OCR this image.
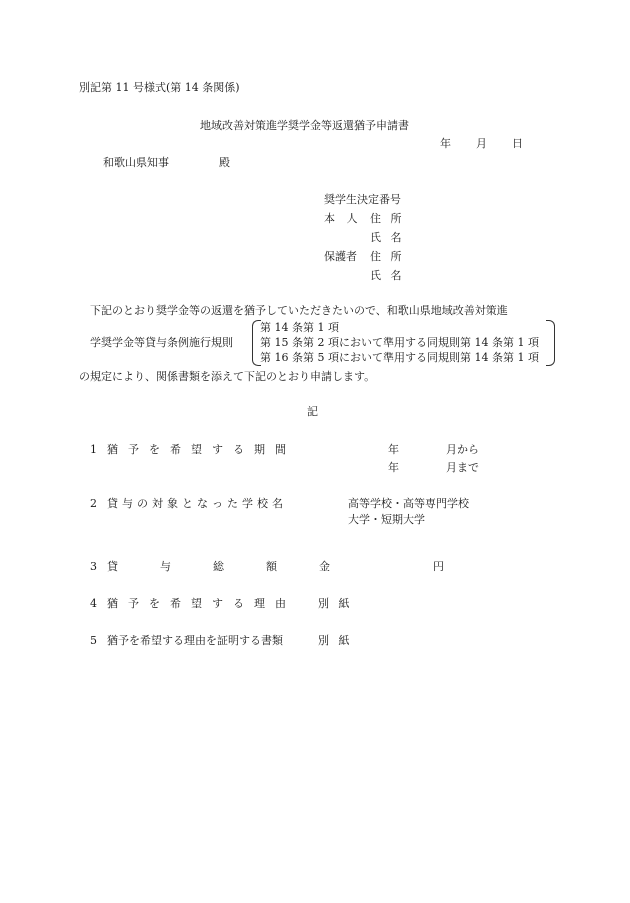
別記第 11 号様式(第 14 条関係)
地域改善対策進学奨学金等返還猶予申請書
年 月 日
和歌山県知事	殿
奨学生決定番号
本 人 住 所
氏 名
保護者 住 所
氏 名
下記のとおり奨学金等の返還を猶予していただきたいので、和歌山県地域改善対策進
学奨学金等貸与条例施行規則
第 14 条第 1 項
第 15 条第 2 項において準用する同規則第 14 条第 1 項
第 16 条第 5 項において準用する同規則第 14 条第 1 項
の規定により、関係書類を添えて下記のとおり申請します。
記
1 猶予を希望する期間	年	月から
年	月まで
2 貸与の対象となった学校名	高等学校・高等専門学校
大学・短期大学
3 貸与総額金	円
4 猶予を希望する理由 別 紙
5 猶予を希望する理由を証明する書類	別 紙
